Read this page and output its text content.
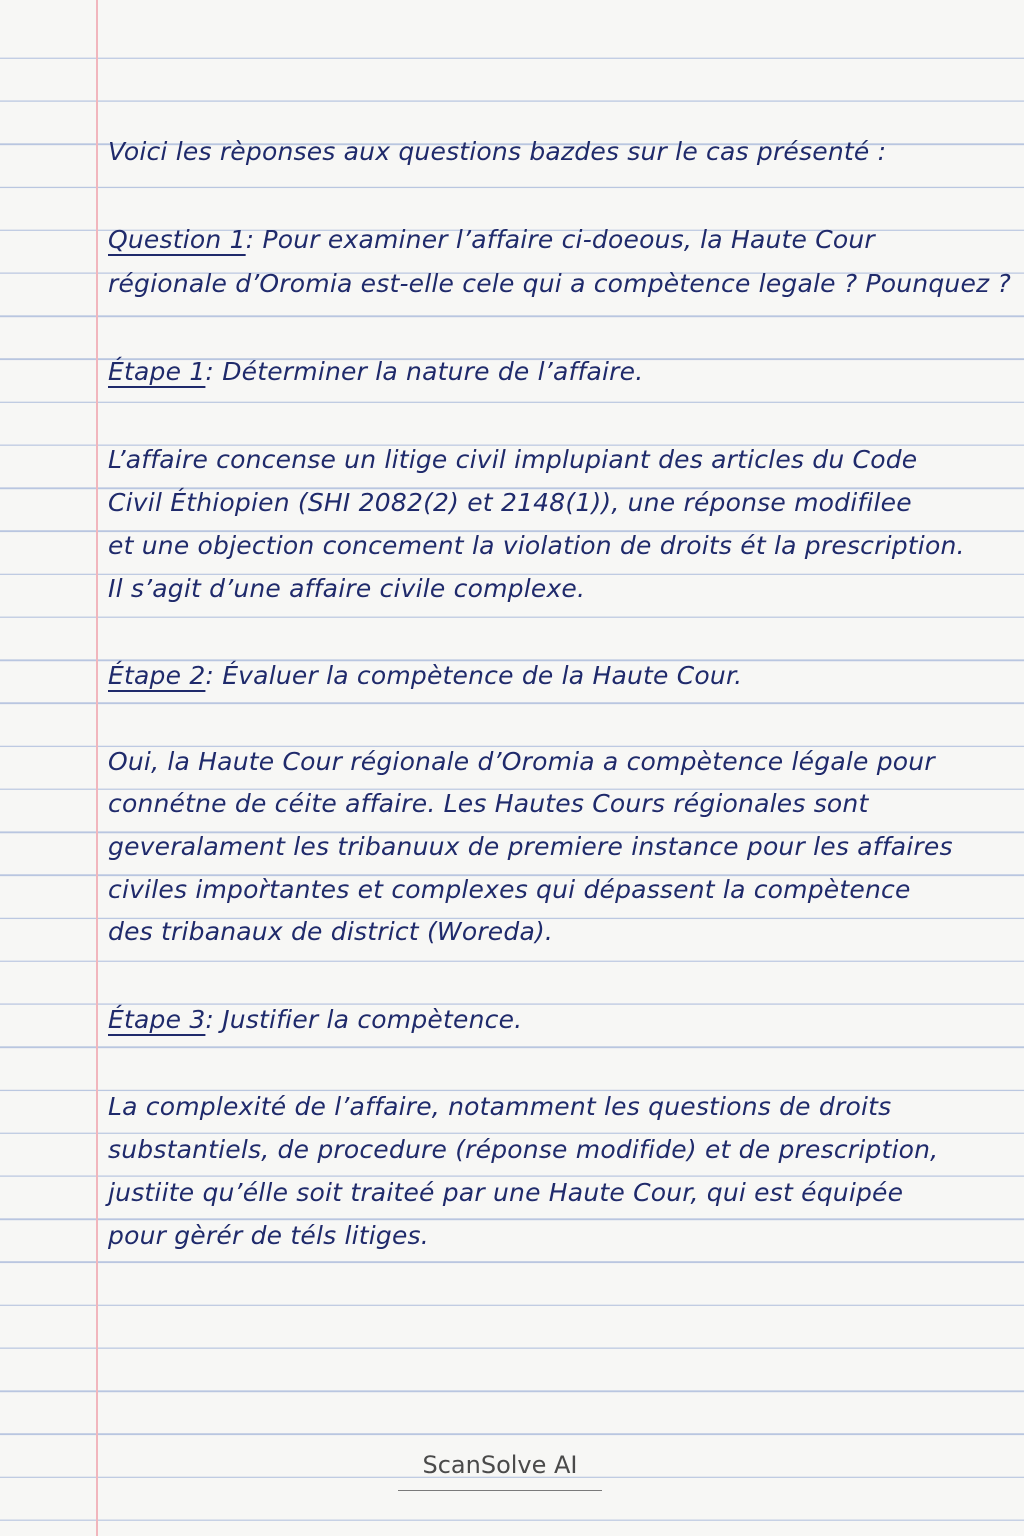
Voici les rèponses aux questions bazdes sur le cas présenté :
Question 1: Pour examiner l’affaire ci-doeous, la Haute Cour
régionale d’Oromia est-elle cele qui a compètence legale ? Pounquez ?
Étape 1: Déterminer la nature de l’affaire.
L’affaire concense un litige civil implupiant des articles du Code
Civil Éthiopien (SHI 2082(2) et 2148(1)), une réponse modifilee
et une objection concement la violation de droits ét la prescription.
Il s’agit d’une affaire civile complexe.
Étape 2: Évaluer la compètence de la Haute Cour.
Oui, la Haute Cour régionale d’Oromia a compètence légale pour
connétne de céite affaire. Les Hautes Cours régionales sont
geveralament les tribanuux de premiere instance pour les affaires
civiles impor̀tantes et complexes qui dépassent la compètence
des tribanaux de district (Woreda).
Étape 3: Justifier la compètence.
La complexité de l’affaire, notamment les questions de droits
substantiels, de procedure (réponse modifide) et de prescription,
justiite qu’élle soit traiteé par une Haute Cour, qui est équipée
pour gèrér de téls litiges.
ScanSolve AI
